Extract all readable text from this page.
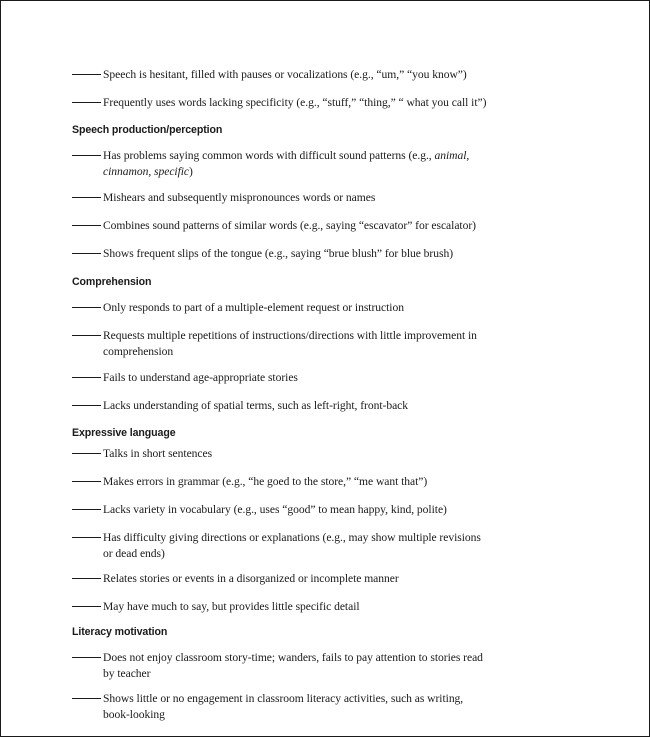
Speech is hesitant, filled with pauses or vocalizations (e.g., “um,” “you know”)
Frequently uses words lacking specificity (e.g., “stuff,” “thing,” “ what you call it”)
Speech production/perception
Has problems saying common words with difficult sound patterns (e.g., animal,
cinnamon, specific)
Mishears and subsequently mispronounces words or names
Combines sound patterns of similar words (e.g., saying “escavator” for escalator)
Shows frequent slips of the tongue (e.g., saying “brue blush” for blue brush)
Comprehension
Only responds to part of a multiple-element request or instruction
Requests multiple repetitions of instructions/directions with little improvement in
comprehension
Fails to understand age-appropriate stories
Lacks understanding of spatial terms, such as left-right, front-back
Expressive language
Talks in short sentences
Makes errors in grammar (e.g., “he goed to the store,” “me want that”)
Lacks variety in vocabulary (e.g., uses “good” to mean happy, kind, polite)
Has difficulty giving directions or explanations (e.g., may show multiple revisions
or dead ends)
Relates stories or events in a disorganized or incomplete manner
May have much to say, but provides little specific detail
Literacy motivation
Does not enjoy classroom story-time; wanders, fails to pay attention to stories read
by teacher
Shows little or no engagement in classroom literacy activities, such as writing,
book-looking
